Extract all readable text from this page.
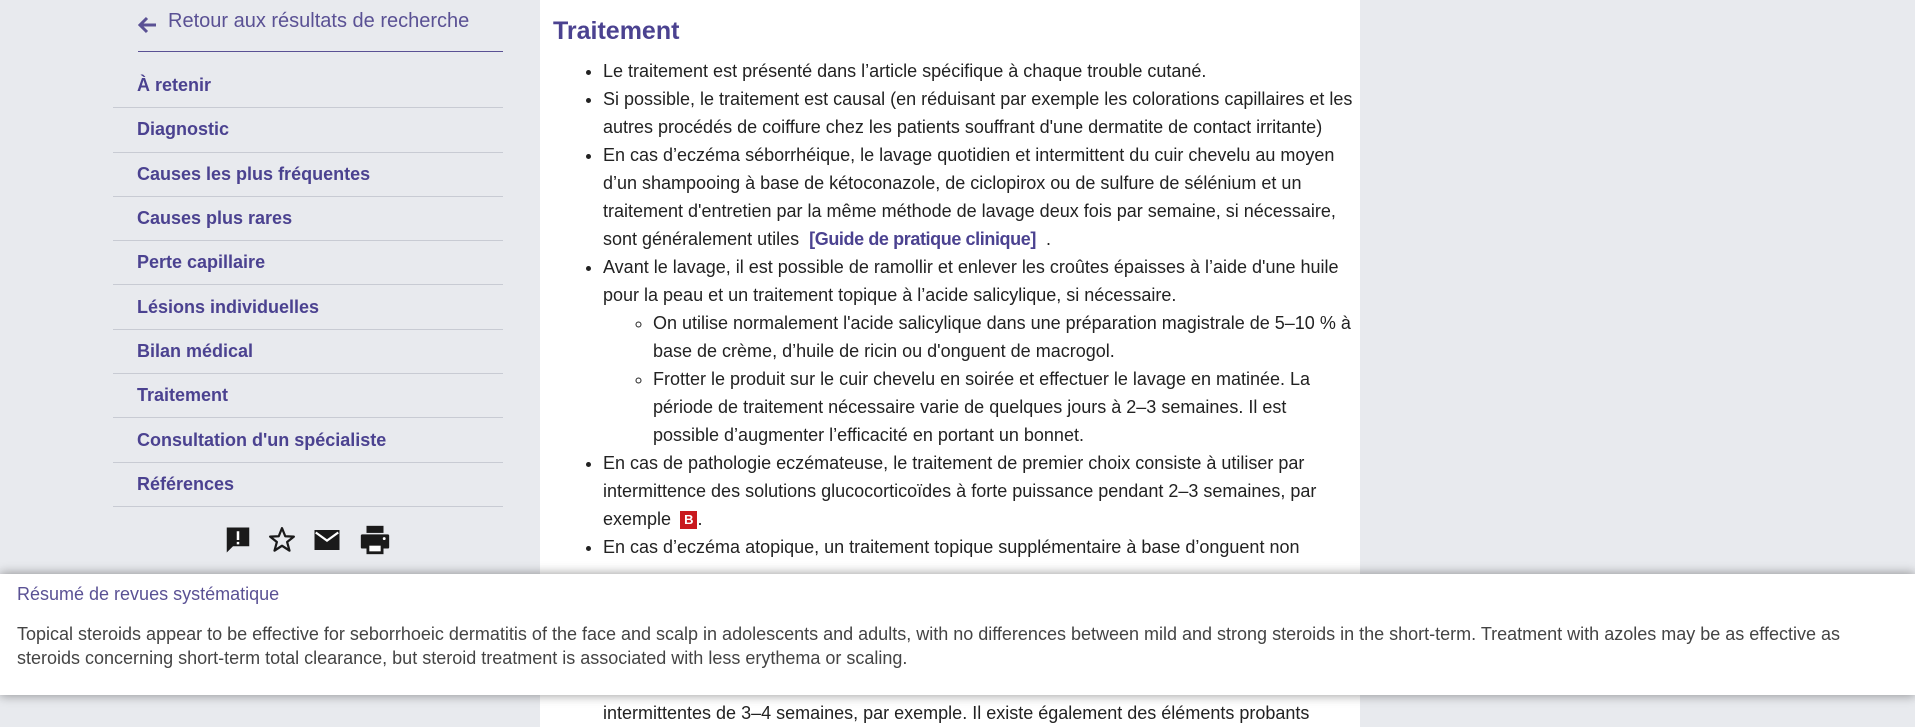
Retour aux résultats de recherche
À retenir
Diagnostic
Causes les plus fréquentes
Causes plus rares
Perte capillaire
Lésions individuelles
Bilan médical
Traitement
Consultation d'un spécialiste
Références
Traitement
• Le traitement est présenté dans l’article spécifique à chaque trouble cutané.
• Si possible, le traitement est causal (en réduisant par exemple les colorations capillaires et les autres procédés de coiffure chez les patients souffrant d'une dermatite de contact irritante)
• En cas d’eczéma séborrhéique, le lavage quotidien et intermittent du cuir chevelu au moyen d’un shampooing à base de kétoconazole, de ciclopirox ou de sulfure de sélénium et un traitement d'entretien par la même méthode de lavage deux fois par semaine, si nécessaire, sont généralement utiles [Guide de pratique clinique] .
• Avant le lavage, il est possible de ramollir et enlever les croûtes épaisses à l’aide d'une huile pour la peau et un traitement topique à l’acide salicylique, si nécessaire.
◦ On utilise normalement l'acide salicylique dans une préparation magistrale de 5–10 % à base de crème, d’huile de ricin ou d'onguent de macrogol.
◦ Frotter le produit sur le cuir chevelu en soirée et effectuer le lavage en matinée. La période de traitement nécessaire varie de quelques jours à 2–3 semaines. Il est possible d’augmenter l’efficacité en portant un bonnet.
• En cas de pathologie eczémateuse, le traitement de premier choix consiste à utiliser par intermittence des solutions glucocorticoïdes à forte puissance pendant 2–3 semaines, par exemple B .
• En cas d’eczéma atopique, un traitement topique supplémentaire à base d’onguent non
intermittentes de 3–4 semaines, par exemple. Il existe également des éléments probants
Résumé de revues systématique
Topical steroids appear to be effective for seborrhoeic dermatitis of the face and scalp in adolescents and adults, with no differences between mild and strong steroids in the short-term. Treatment with azoles may be as effective as steroids concerning short-term total clearance, but steroid treatment is associated with less erythema or scaling.
